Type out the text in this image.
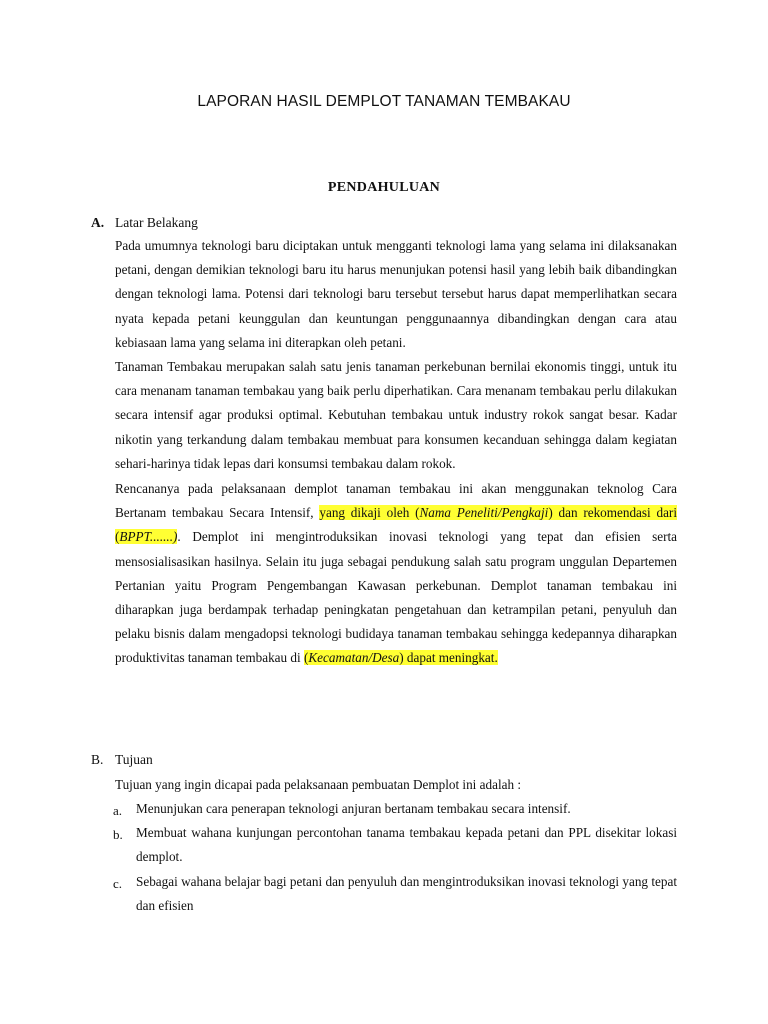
LAPORAN HASIL DEMPLOT TANAMAN TEMBAKAU
PENDAHULUAN
A. Latar Belakang
Pada umumnya teknologi baru diciptakan untuk mengganti teknologi lama yang selama ini dilaksanakan petani, dengan demikian teknologi baru itu harus menunjukan potensi hasil yang lebih baik dibandingkan dengan teknologi lama. Potensi dari teknologi baru tersebut tersebut harus dapat memperlihatkan secara nyata kepada petani keunggulan dan keuntungan penggunaannya dibandingkan dengan cara atau kebiasaan lama yang selama ini diterapkan oleh petani.
Tanaman Tembakau merupakan salah satu jenis tanaman perkebunan bernilai ekonomis tinggi, untuk itu cara menanam tanaman tembakau yang baik perlu diperhatikan. Cara menanam tembakau perlu dilakukan secara intensif agar produksi optimal. Kebutuhan tembakau untuk industry rokok sangat besar. Kadar nikotin yang terkandung dalam tembakau membuat para konsumen kecanduan sehingga dalam kegiatan sehari-harinya tidak lepas dari konsumsi tembakau dalam rokok.
Rencananya pada pelaksanaan demplot tanaman tembakau ini akan menggunakan teknolog Cara Bertanam tembakau Secara Intensif, yang dikaji oleh (Nama Peneliti/Pengkaji) dan rekomendasi dari (BPPT.......). Demplot ini mengintroduksikan inovasi teknologi yang tepat dan efisien serta mensosialisasikan hasilnya. Selain itu juga sebagai pendukung salah satu program unggulan Departemen Pertanian yaitu Program Pengembangan Kawasan perkebunan. Demplot tanaman tembakau ini diharapkan juga berdampak terhadap peningkatan pengetahuan dan ketrampilan petani, penyuluh dan pelaku bisnis dalam mengadopsi teknologi budidaya tanaman tembakau sehingga kedepannya diharapkan produktivitas tanaman tembakau di (Kecamatan/Desa) dapat meningkat.
B. Tujuan
Tujuan yang ingin dicapai pada pelaksanaan pembuatan Demplot ini adalah :
a. Menunjukan cara penerapan teknologi anjuran bertanam tembakau secara intensif.
b. Membuat wahana kunjungan percontohan tanama tembakau kepada petani dan PPL disekitar lokasi demplot.
c. Sebagai wahana belajar bagi petani dan penyuluh dan mengintroduksikan inovasi teknologi yang tepat dan efisien
